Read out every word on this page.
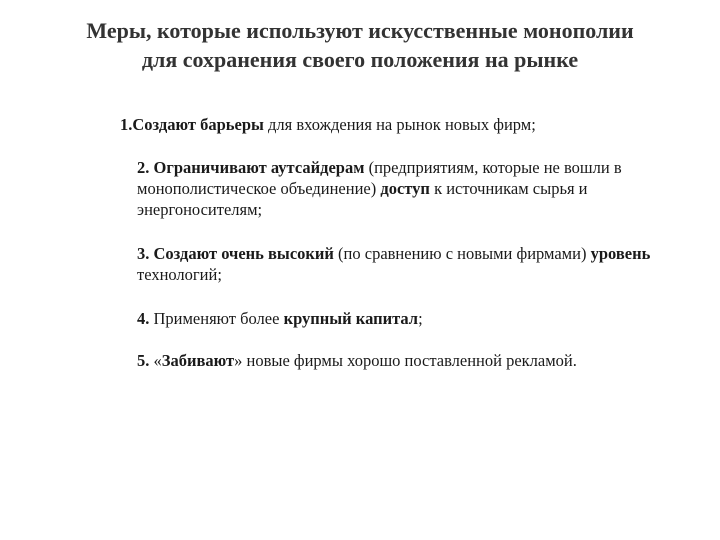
Меры, которые используют искусственные монополии
для сохранения своего положения на рынке
1.Создают барьеры для вхождения на рынок новых фирм;
2. Ограничивают аутсайдерам (предприятиям, которые не вошли в монополистическое объединение) доступ к источникам сырья и энергоносителям;
3. Создают очень высокий (по сравнению с новыми фирмами) уровень технологий;
4. Применяют более крупный капитал;
5. «Забивают» новые фирмы хорошо поставленной рекламой.
